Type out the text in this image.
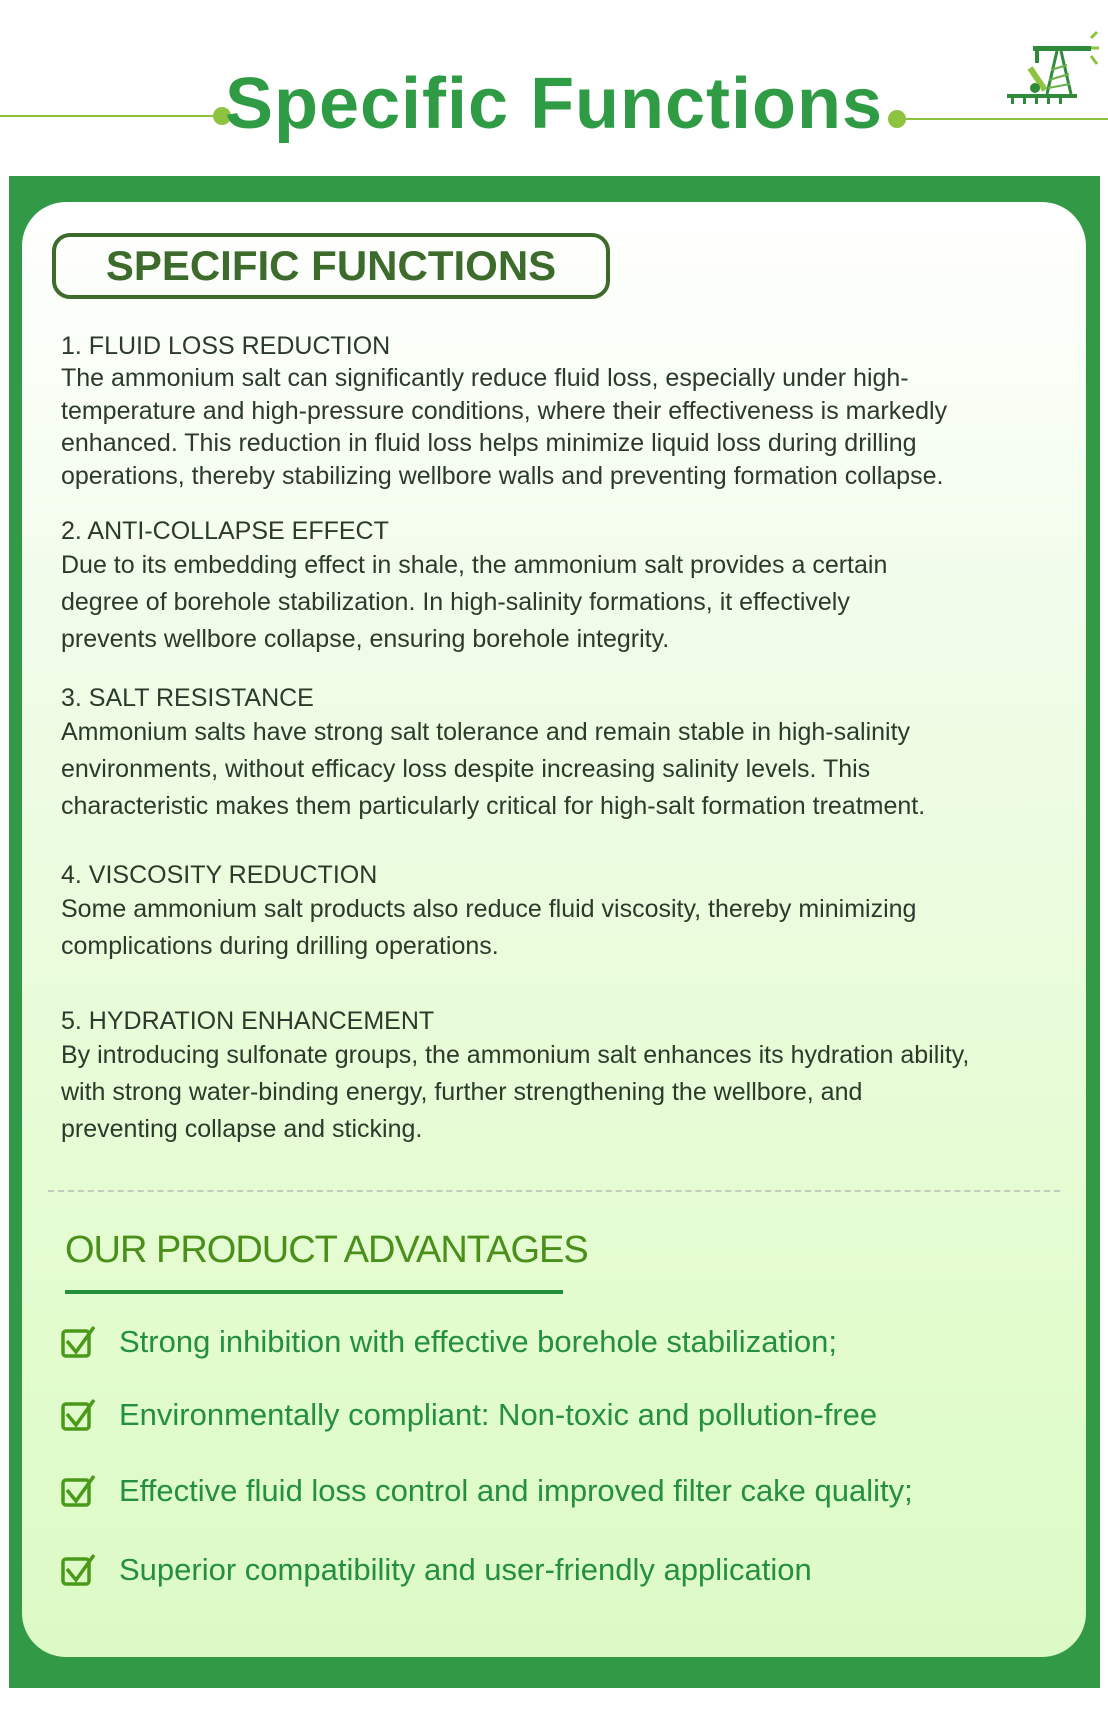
Specific Functions
SPECIFIC FUNCTIONS
1. FLUID LOSS REDUCTION
The ammonium salt can significantly reduce fluid loss, especially under high-
temperature and high-pressure conditions, where their effectiveness is markedly
enhanced. This reduction in fluid loss helps minimize liquid loss during drilling
operations, thereby stabilizing wellbore walls and preventing formation collapse.
2. ANTI-COLLAPSE EFFECT
Due to its embedding effect in shale, the ammonium salt provides a certain
degree of borehole stabilization. In high-salinity formations, it effectively
prevents wellbore collapse, ensuring borehole integrity.
3. SALT RESISTANCE
Ammonium salts have strong salt tolerance and remain stable in high-salinity
environments, without efficacy loss despite increasing salinity levels. This
characteristic makes them particularly critical for high-salt formation treatment.
4. VISCOSITY REDUCTION
Some ammonium salt products also reduce fluid viscosity, thereby minimizing
complications during drilling operations.
5. HYDRATION ENHANCEMENT
By introducing sulfonate groups, the ammonium salt enhances its hydration ability,
with strong water-binding energy, further strengthening the wellbore, and
preventing collapse and sticking.
OUR PRODUCT ADVANTAGES
Strong inhibition with effective borehole stabilization;
Environmentally compliant: Non-toxic and pollution-free
Effective fluid loss control and improved filter cake quality;
Superior compatibility and user-friendly application
